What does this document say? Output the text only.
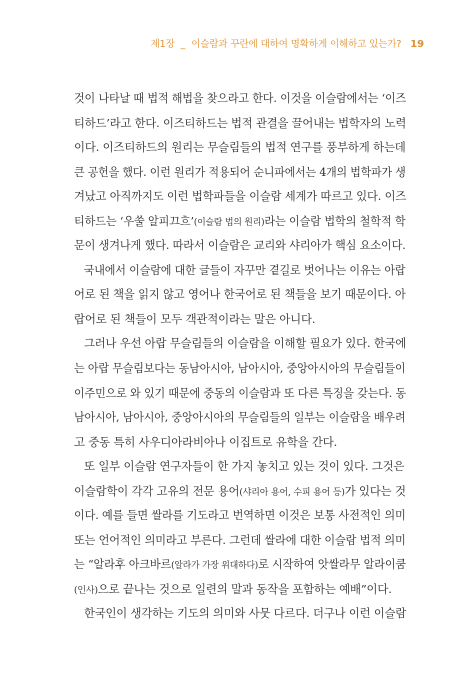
제1장 _ 이슬람과 꾸란에 대하여 명확하게 이해하고 있는가? 19
것이 나타날 때 법적 해법을 찾으라고 한다. 이것을 이슬람에서는 ‘이즈
티하드’라고 한다. 이즈티하드는 법적 관결을 끌어내는 법학자의 노력
이다. 이즈티하드의 원리는 무슬림들의 법적 연구를 풍부하게 하는데
큰 공헌을 했다. 이런 원리가 적용되어 순니파에서는 4개의 법학파가 생
겨났고 아직까지도 이런 법학파들을 이슬람 세계가 따르고 있다. 이즈
티하드는 ‘우쑬 알피끄흐’(이슬람 법의 원리)라는 이슬람 법학의 철학적 학
문이 생겨나게 했다. 따라서 이슬람은 교리와 샤리아가 핵심 요소이다.
국내에서 이슬람에 대한 글들이 자꾸만 곁길로 벗어나는 이유는 아랍
어로 된 책을 읽지 않고 영어나 한국어로 된 책들을 보기 때문이다. 아
랍어로 된 책들이 모두 객관적이라는 말은 아니다.
그러나 우선 아랍 무슬림들의 이슬람을 이해할 필요가 있다. 한국에
는 아랍 무슬림보다는 동남아시아, 남아시아, 중앙아시아의 무슬림들이
이주민으로 와 있기 때문에 중동의 이슬람과 또 다른 특징을 갖는다. 동
남아시아, 남아시아, 중앙아시아의 무슬림들의 일부는 이슬람을 배우려
고 중동 특히 사우디아라비아나 이집트로 유학을 간다.
또 일부 이슬람 연구자들이 한 가지 놓치고 있는 것이 있다. 그것은
이슬람학이 각각 고유의 전문 용어(샤리아 용어, 수피 용어 등)가 있다는 것
이다. 예를 들면 쌀라를 기도라고 번역하면 이것은 보통 사전적인 의미
또는 언어적인 의미라고 부른다. 그런데 쌀라에 대한 이슬람 법적 의미
는 “알라후 아크바르(알라가 가장 위대하다)로 시작하여 앗쌀라무 알라이쿰
(인사)으로 끝나는 것으로 일련의 말과 동작을 포함하는 예배”이다.
한국인이 생각하는 기도의 의미와 사뭇 다르다. 더구나 이런 이슬람
